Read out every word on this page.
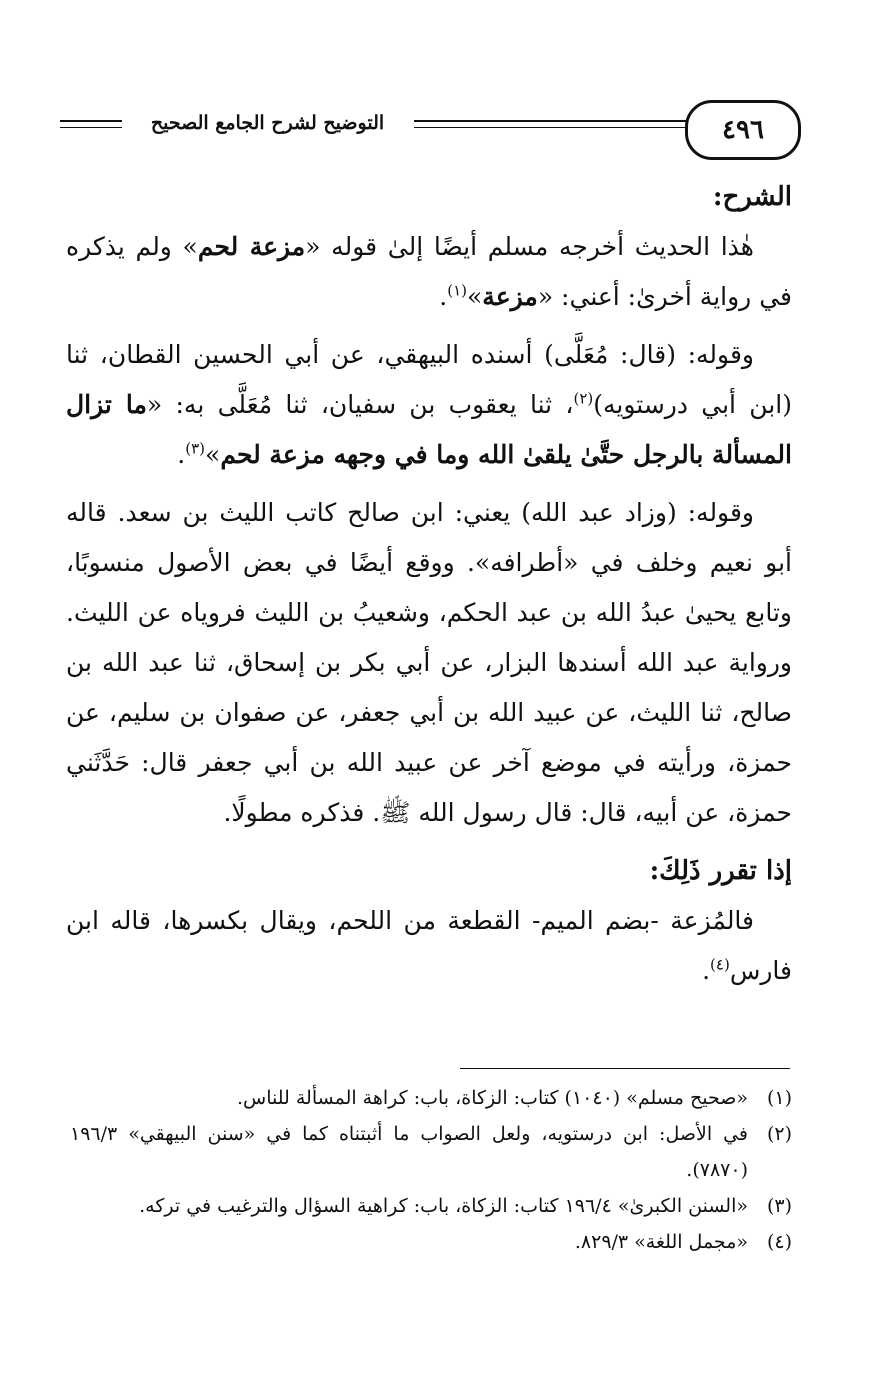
التوضيح لشرح الجامع الصحيح	٤٩٦

الشرح:

هٰذا الحديث أخرجه مسلم أيضًا إلىٰ قوله «مزعة لحم» ولم يذكره في رواية أخرىٰ: أعني: «مزعة»$^{(١)}$.

وقوله: (قال: مُعَلَّى) أسنده البيهقي، عن أبي الحسين القطان، ثنا (ابن أبي درستويه)$^{(٢)}$، ثنا يعقوب بن سفيان، ثنا مُعَلَّى به: «ما تزال المسألة بالرجل حتَّىٰ يلقىٰ الله وما في وجهه مزعة لحم»$^{(٣)}$.

وقوله: (وزاد عبد الله) يعني: ابن صالح كاتب الليث بن سعد. قاله أبو نعيم وخلف في «أطرافه». ووقع أيضًا في بعض الأصول منسوبًا، وتابع يحيىٰ عبدُ الله بن عبد الحكم، وشعيبُ بن الليث فروياه عن الليث. ورواية عبد الله أسندها البزار، عن أبي بكر بن إسحاق، ثنا عبد الله بن صالح، ثنا الليث، عن عبيد الله بن أبي جعفر، عن صفوان بن سليم، عن حمزة، ورأيته في موضع آخر عن عبيد الله بن أبي جعفر قال: حَدَّثَني حمزة، عن أبيه، قال: قال رسول الله ﷺ. فذكره مطولًا.

إذا تقرر ذَلِكَ:

فالمُزعة -بضم الميم- القطعة من اللحم، ويقال بكسرها، قاله ابن فارس$^{(٤)}$.

(١)
«صحيح مسلم» (١٠٤٠) كتاب: الزكاة، باب: كراهة المسألة للناس.

(٢)
في الأصل: ابن درستويه، ولعل الصواب ما أثبتناه كما في «سنن البيهقي» ١٩٦/٣ (٧٨٧٠).

(٣)
«السنن الكبرىٰ» ١٩٦/٤ كتاب: الزكاة، باب: كراهية السؤال والترغيب في تركه.

(٤)
«مجمل اللغة» ٨٢٩/٣.
